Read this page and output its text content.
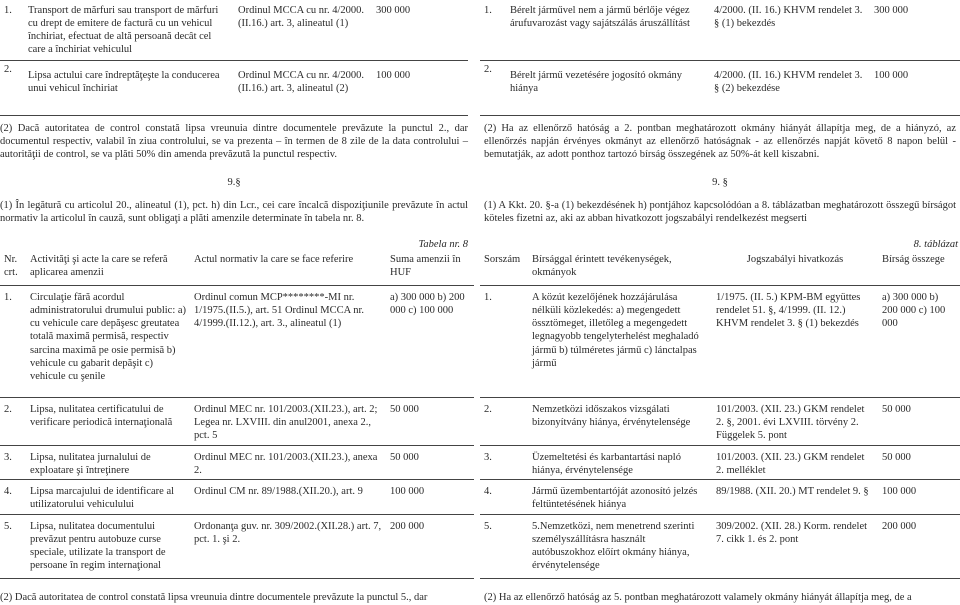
1.	Transport de mărfuri sau transport de mărfuri cu drept de emitere de factură cu un vehicul închiriat, efectuat de altă persoană decât cel care a închiriat vehiculul	Ordinul MCCA cu nr. 4/2000. (II.16.) art. 3, alineatul (1)	300 000
2.	Lipsa actului care îndreptăţeşte la conducerea unui vehicul închiriat	Ordinul MCCA cu nr. 4/2000. (II.16.) art. 3, alineatul (2)	100 000
(2) Dacă autoritatea de control constată lipsa vreunuia dintre documentele prevăzute la punctul 2., dar documentul respectiv, valabil în ziua controlului, se va prezenta – în termen de 8 zile de la data controlului – autorităţii de control, se va plăti 50% din amenda prevăzută la punctul respectiv.
9.§
(1) În legătură cu articolul 20., alineatul (1), pct. h) din Lcr., cei care încalcă dispoziţiunile prevăzute în actul normativ la articolul în cauză, sunt obligaţi a plăti amenzile determinate în tabela nr. 8.
Tabela nr. 8
Nr. crt.	Activităţi şi acte la care se referă aplicarea amenzii	Actul normativ la care se face referire	Suma amenzii în HUF
1.	Circulaţie fără acordul administratorului drumului public: a) cu vehicule care depăşesc greutatea totală maximă permisă, respectiv sarcina maximă pe osie permisă b) vehicule cu gabarit depăşit c) vehicule cu şenile	Ordinul comun MCP********-MI nr. 1/1975.(II.5.), art. 51 Ordinul MCCA nr. 4/1999.(II.12.), art. 3., alineatul (1)	a) 300 000 b) 200 000 c) 100 000
2.	Lipsa, nulitatea certificatului de verificare periodică internaţională	Ordinul MEC nr. 101/2003.(XII.23.), art. 2; Legea nr. LXVIII. din anul2001, anexa 2., pct. 5	50 000
3.	Lipsa, nulitatea jurnalului de exploatare şi întreţinere	Ordinul MEC nr. 101/2003.(XII.23.), anexa 2.	50 000
4.	Lipsa marcajului de identificare al utilizatorului vehiculului	Ordinul CM nr. 89/1988.(XII.20.), art. 9	100 000
5.	Lipsa, nulitatea documentului prevăzut pentru autobuze curse speciale, utilizate la transport de persoane în regim internaţional	Ordonanţa guv. nr. 309/2002.(XII.28.) art. 7, pct. 1. şi 2.	200 000
(2) Dacă autoritatea de control constată lipsa vreunuia dintre documentele prevăzute la punctul 5., dar
1.	Bérelt járművel nem a jármű bérlője végez árufuvarozást vagy sajátszálás áruszállítást	4/2000. (II. 16.) KHVM rendelet 3. § (1) bekezdés	300 000
2.	Bérelt jármű vezetésére jogosító okmány hiánya	4/2000. (II. 16.) KHVM rendelet 3. § (2) bekezdése	100 000
(2) Ha az ellenőrző hatóság a 2. pontban meghatározott okmány hiányát állapítja meg, de a hiányzó, az ellenőrzés napján érvényes okmányt az ellenőrző hatóságnak - az ellenőrzés napját követő 8 napon belül - bemutatják, az adott ponthoz tartozó bírság összegének az 50%-át kell kiszabni.
9. §
(1) A Kkt. 20. §-a (1) bekezdésének h) pontjához kapcsolódóan a 8. táblázatban meghatározott összegű bírságot köteles fizetni az, aki az abban hivatkozott jogszabályi rendelkezést megserti
8. táblázat
Sorszám	Bírsággal érintett tevékenységek, okmányok	Jogszabályi hivatkozás	Bírság összege
1.	A közút kezelőjének hozzájárulása nélküli közlekedés: a) megengedett össztömeget, illetőleg a megengedett legnagyobb tengelyterhelést meghaladó jármű b) túlméretes jármű c) lánctalpas jármű	1/1975. (II. 5.) KPM-BM együttes rendelet 51. §, 4/1999. (II. 12.) KHVM rendelet 3. § (1) bekezdés	a) 300 000 b) 200 000 c) 100 000
2.	Nemzetközi időszakos vizsgálati bizonyítvány hiánya, érvénytelensége	101/2003. (XII. 23.) GKM rendelet 2. §, 2001. évi LXVIII. törvény 2. Függelek 5. pont	50 000
3.	Üzemeltetési és karbantartási napló hiánya, érvénytelensége	101/2003. (XII. 23.) GKM rendelet 2. melléklet	50 000
4.	Jármű üzembentartóját azonosító jelzés feltüntetésének hiánya	89/1988. (XII. 20.) MT rendelet 9. §	100 000
5.	5.Nemzetközi, nem menetrend szerinti személyszállításra használt autóbuszokhoz előírt okmány hiánya, érvénytelensége	309/2002. (XII. 28.) Korm. rendelet 7. cikk 1. és 2. pont	200 000
(2) Ha az ellenőrző hatóság az 5. pontban meghatározott valamely okmány hiányát állapítja meg, de a
